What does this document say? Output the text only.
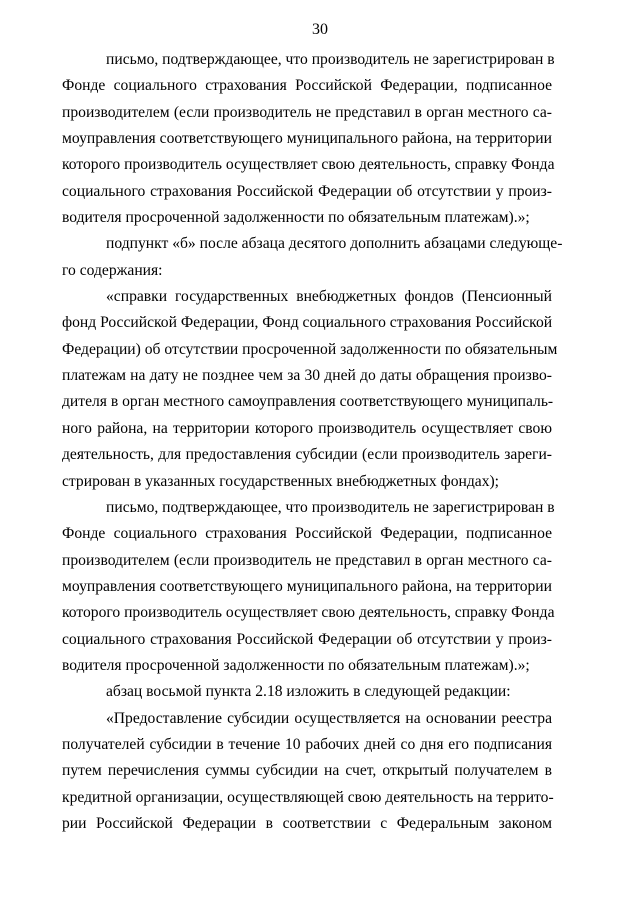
30
письмо, подтверждающее, что производитель не зарегистрирован в
Фонде социального страхования Российской Федерации, подписанное
производителем (если производитель не представил в орган местного са-
моуправления соответствующего муниципального района, на территории
которого производитель осуществляет свою деятельность, справку Фонда
социального страхования Российской Федерации об отсутствии у произ-
водителя просроченной задолженности по обязательным платежам).»;
подпункт «б» после абзаца десятого дополнить абзацами следующе-
го содержания:
«справки государственных внебюджетных фондов (Пенсионный
фонд Российской Федерации, Фонд социального страхования Российской
Федерации) об отсутствии просроченной задолженности по обязательным
платежам на дату не позднее чем за 30 дней до даты обращения произво-
дителя в орган местного самоуправления соответствующего муниципаль-
ного района, на территории которого производитель осуществляет свою
деятельность, для предоставления субсидии (если производитель зареги-
стрирован в указанных государственных внебюджетных фондах);
письмо, подтверждающее, что производитель не зарегистрирован в
Фонде социального страхования Российской Федерации, подписанное
производителем (если производитель не представил в орган местного са-
моуправления соответствующего муниципального района, на территории
которого производитель осуществляет свою деятельность, справку Фонда
социального страхования Российской Федерации об отсутствии у произ-
водителя просроченной задолженности по обязательным платежам).»;
абзац восьмой пункта 2.18 изложить в следующей редакции:
«Предоставление субсидии осуществляется на основании реестра
получателей субсидии в течение 10 рабочих дней со дня его подписания
путем перечисления суммы субсидии на счет, открытый получателем в
кредитной организации, осуществляющей свою деятельность на террито-
рии Российской Федерации в соответствии с Федеральным законом
